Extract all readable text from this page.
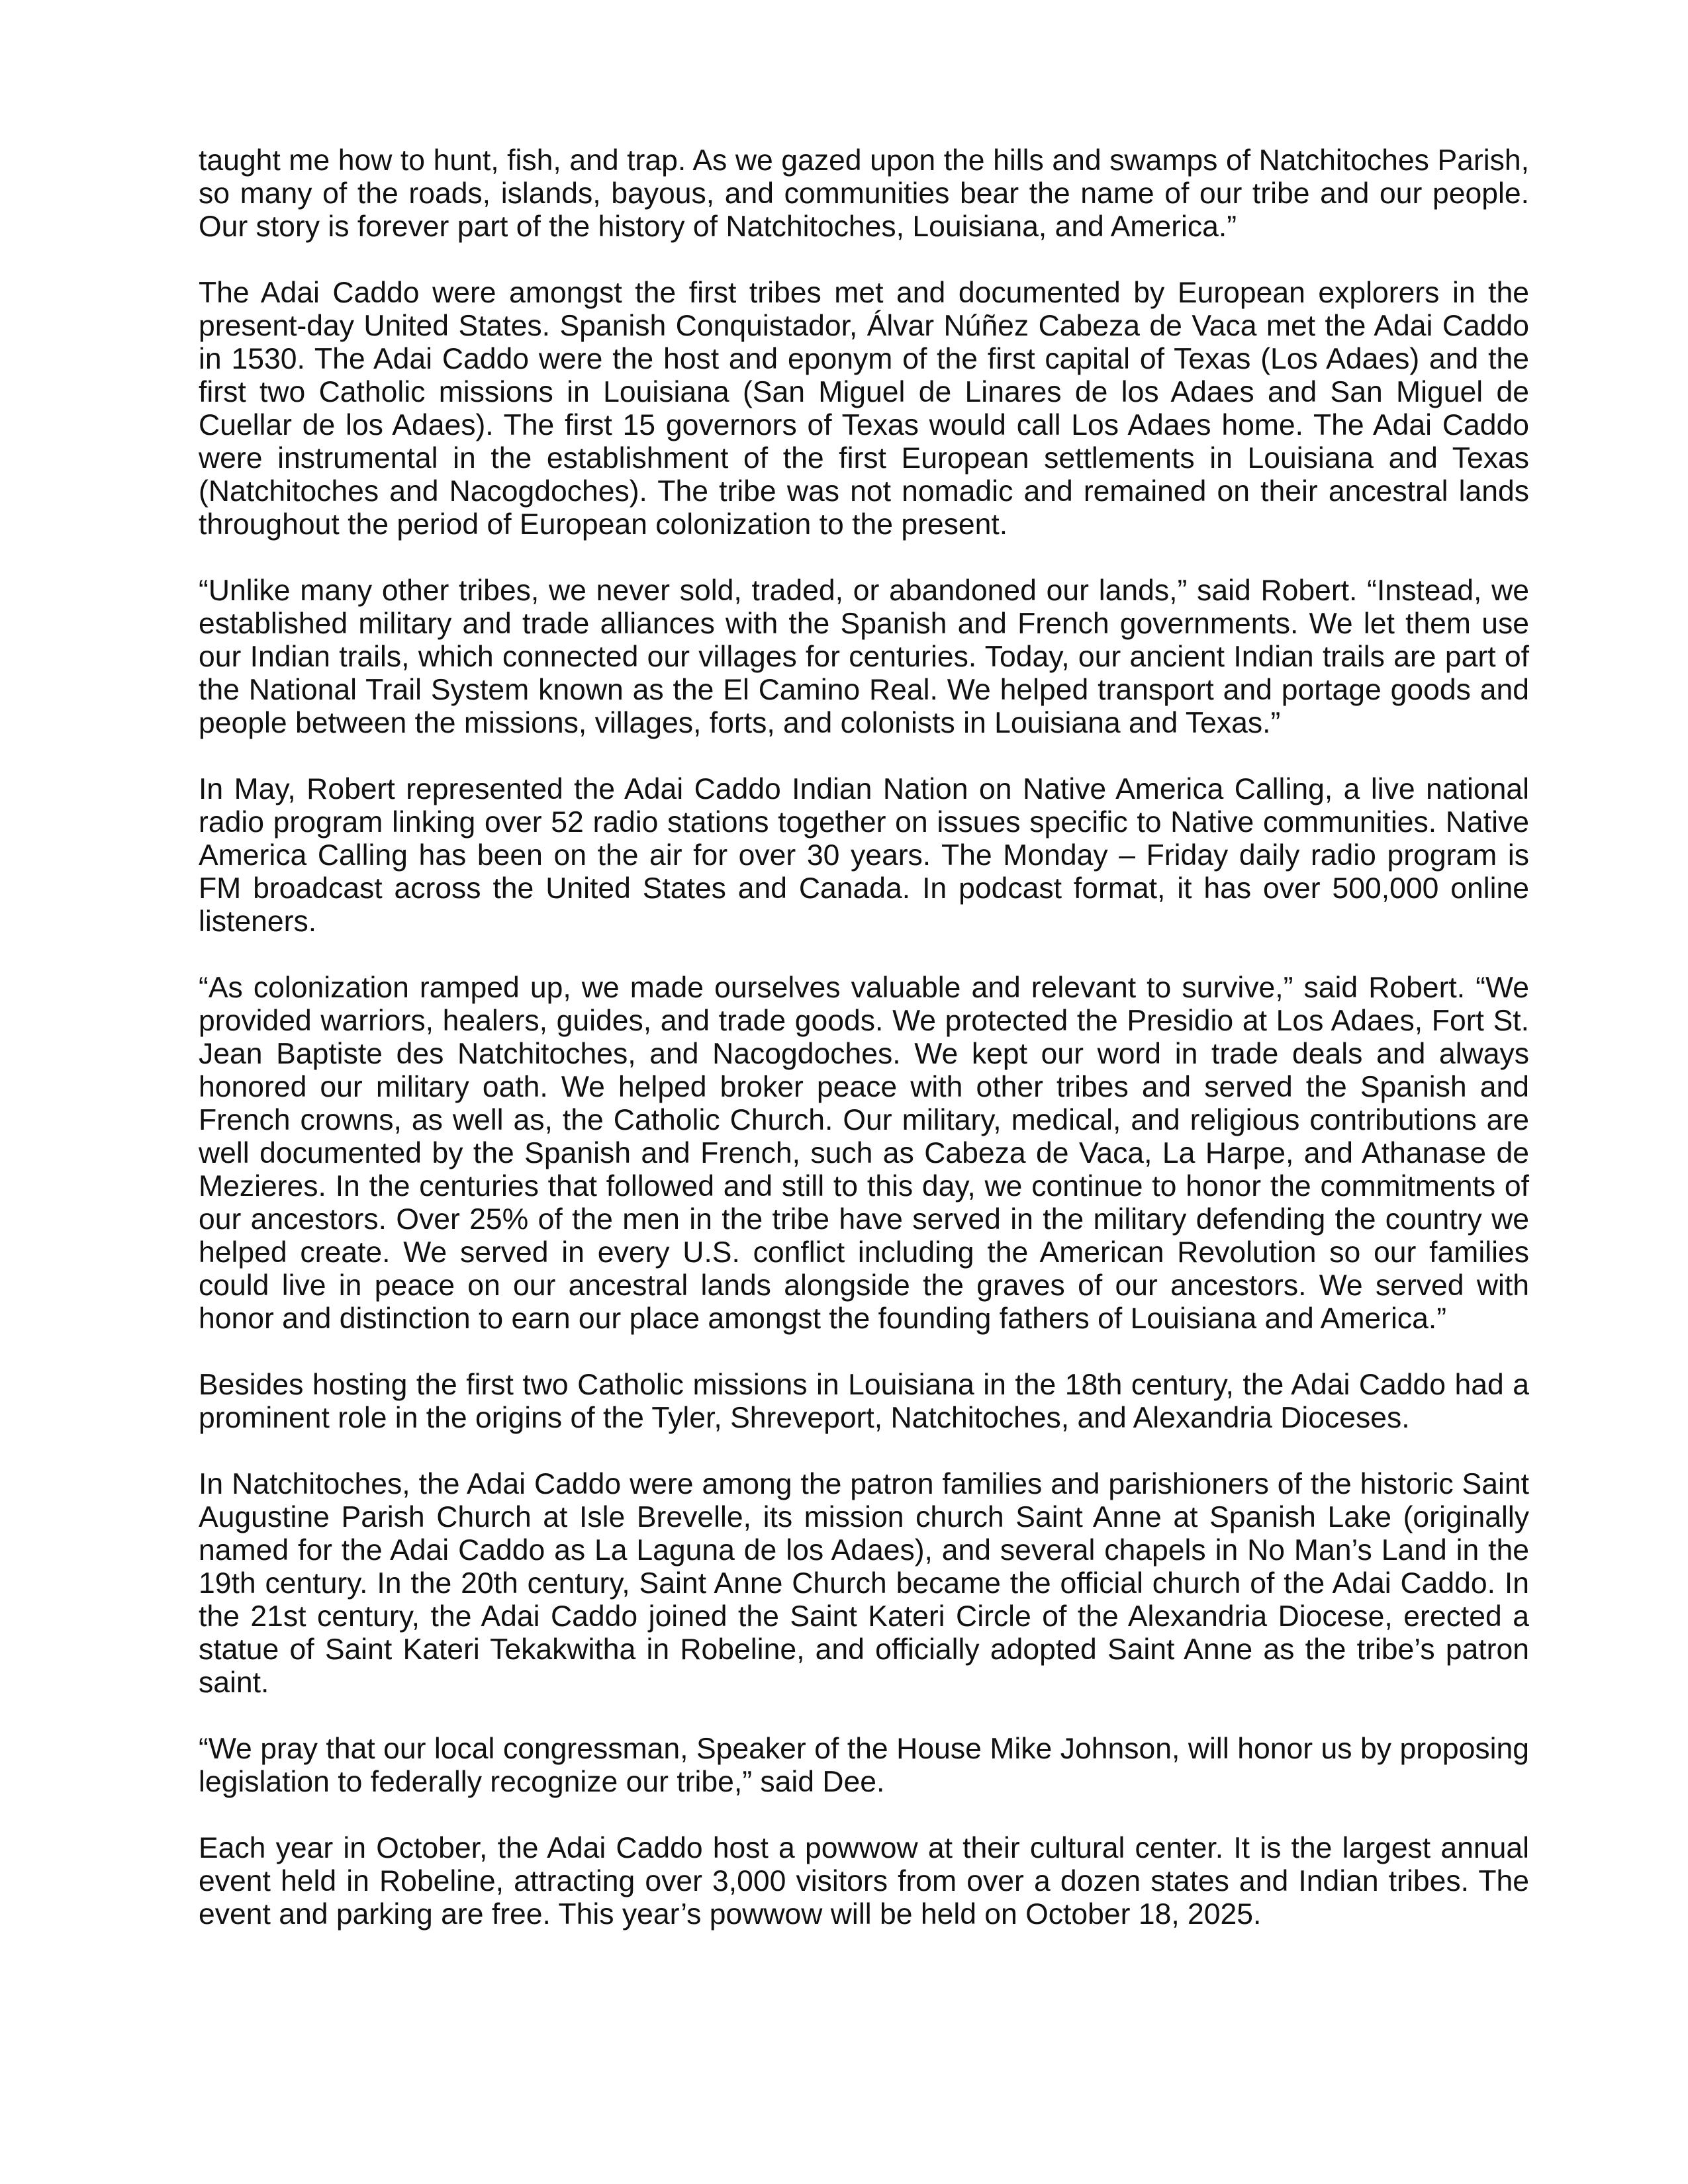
taught me how to hunt, fish, and trap. As we gazed upon the hills and swamps of Natchitoches Parish, so many of the roads, islands, bayous, and communities bear the name of our tribe and our people. Our story is forever part of the history of Natchitoches, Louisiana, and America.”

The Adai Caddo were amongst the first tribes met and documented by European explorers in the present-day United States. Spanish Conquistador, Álvar Núñez Cabeza de Vaca met the Adai Caddo in 1530. The Adai Caddo were the host and eponym of the first capital of Texas (Los Adaes) and the first two Catholic missions in Louisiana (San Miguel de Linares de los Adaes and San Miguel de Cuellar de los Adaes). The first 15 governors of Texas would call Los Adaes home. The Adai Caddo were instrumental in the establishment of the first European settlements in Louisiana and Texas (Natchitoches and Nacogdoches). The tribe was not nomadic and remained on their ancestral lands throughout the period of European colonization to the present.

“Unlike many other tribes, we never sold, traded, or abandoned our lands,” said Robert. “Instead, we established military and trade alliances with the Spanish and French governments. We let them use our Indian trails, which connected our villages for centuries. Today, our ancient Indian trails are part of the National Trail System known as the El Camino Real. We helped transport and portage goods and people between the missions, villages, forts, and colonists in Louisiana and Texas.”

In May, Robert represented the Adai Caddo Indian Nation on Native America Calling, a live national radio program linking over 52 radio stations together on issues specific to Native communities. Native America Calling has been on the air for over 30 years. The Monday – Friday daily radio program is FM broadcast across the United States and Canada. In podcast format, it has over 500,000 online listeners.

“As colonization ramped up, we made ourselves valuable and relevant to survive,” said Robert. “We provided warriors, healers, guides, and trade goods. We protected the Presidio at Los Adaes, Fort St. Jean Baptiste des Natchitoches, and Nacogdoches. We kept our word in trade deals and always honored our military oath. We helped broker peace with other tribes and served the Spanish and French crowns, as well as, the Catholic Church. Our military, medical, and religious contributions are well documented by the Spanish and French, such as Cabeza de Vaca, La Harpe, and Athanase de Mezieres. In the centuries that followed and still to this day, we continue to honor the commitments of our ancestors. Over 25% of the men in the tribe have served in the military defending the country we helped create. We served in every U.S. conflict including the American Revolution so our families could live in peace on our ancestral lands alongside the graves of our ancestors. We served with honor and distinction to earn our place amongst the founding fathers of Louisiana and America.”

Besides hosting the first two Catholic missions in Louisiana in the 18th century, the Adai Caddo had a prominent role in the origins of the Tyler, Shreveport, Natchitoches, and Alexandria Dioceses.

In Natchitoches, the Adai Caddo were among the patron families and parishioners of the historic Saint Augustine Parish Church at Isle Brevelle, its mission church Saint Anne at Spanish Lake (originally named for the Adai Caddo as La Laguna de los Adaes), and several chapels in No Man’s Land in the 19th century. In the 20th century, Saint Anne Church became the official church of the Adai Caddo. In the 21st century, the Adai Caddo joined the Saint Kateri Circle of the Alexandria Diocese, erected a statue of Saint Kateri Tekakwitha in Robeline, and officially adopted Saint Anne as the tribe’s patron saint.

“We pray that our local congressman, Speaker of the House Mike Johnson, will honor us by proposing legislation to federally recognize our tribe,” said Dee.

Each year in October, the Adai Caddo host a powwow at their cultural center. It is the largest annual event held in Robeline, attracting over 3,000 visitors from over a dozen states and Indian tribes. The event and parking are free. This year’s powwow will be held on October 18, 2025.
